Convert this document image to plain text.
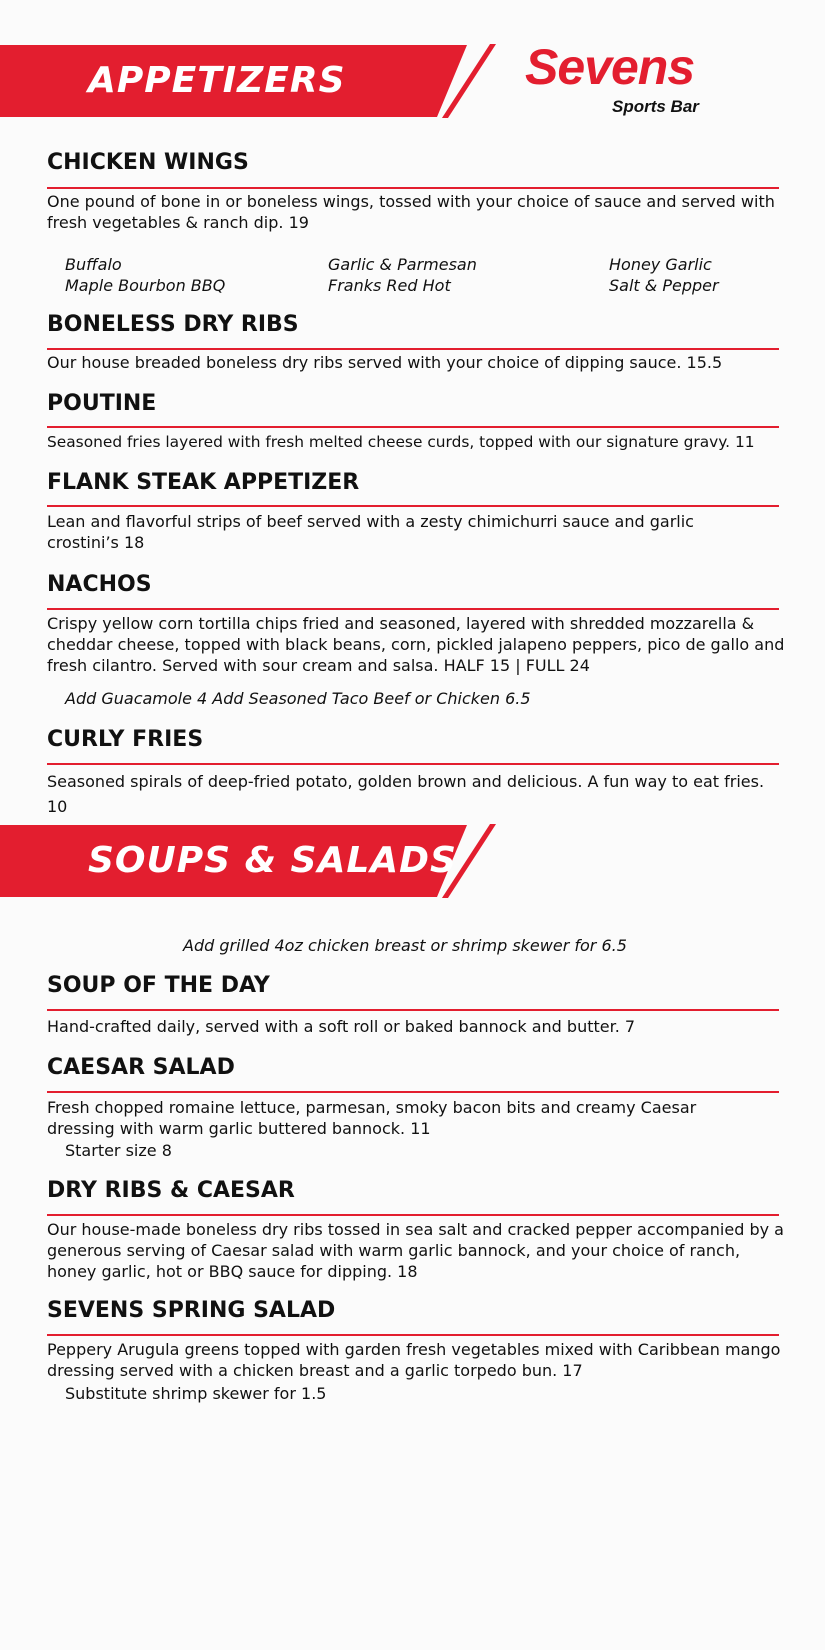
APPETIZERS	Sevens
Sports Bar
CHICKEN WINGS
One pound of bone in or boneless wings, tossed with your choice of sauce and served with fresh vegetables & ranch dip. 19
Buffalo	Garlic & Parmesan	Honey Garlic
Maple Bourbon BBQ	Franks Red Hot	Salt & Pepper
BONELESS DRY RIBS
Our house breaded boneless dry ribs served with your choice of dipping sauce. 15.5
POUTINE
Seasoned fries layered with fresh melted cheese curds, topped with our signature gravy. 11
FLANK STEAK APPETIZER
Lean and flavorful strips of beef served with a zesty chimichurri sauce and garlic crostini’s 18
NACHOS
Crispy yellow corn tortilla chips fried and seasoned, layered with shredded mozzarella & cheddar cheese, topped with black beans, corn, pickled jalapeno peppers, pico de gallo and fresh cilantro. Served with sour cream and salsa. HALF 15 | FULL 24
Add Guacamole 4 Add Seasoned Taco Beef or Chicken 6.5
CURLY FRIES
Seasoned spirals of deep-fried potato, golden brown and delicious. A fun way to eat fries. 10
SOUPS & SALADS
Add grilled 4oz chicken breast or shrimp skewer for 6.5
SOUP OF THE DAY
Hand-crafted daily, served with a soft roll or baked bannock and butter. 7
CAESAR SALAD
Fresh chopped romaine lettuce, parmesan, smoky bacon bits and creamy Caesar dressing with warm garlic buttered bannock. 11
Starter size 8
DRY RIBS & CAESAR
Our house-made boneless dry ribs tossed in sea salt and cracked pepper accompanied by a generous serving of Caesar salad with warm garlic bannock, and your choice of ranch, honey garlic, hot or BBQ sauce for dipping. 18
SEVENS SPRING SALAD
Peppery Arugula greens topped with garden fresh vegetables mixed with Caribbean mango dressing served with a chicken breast and a garlic torpedo bun. 17
Substitute shrimp skewer for 1.5
